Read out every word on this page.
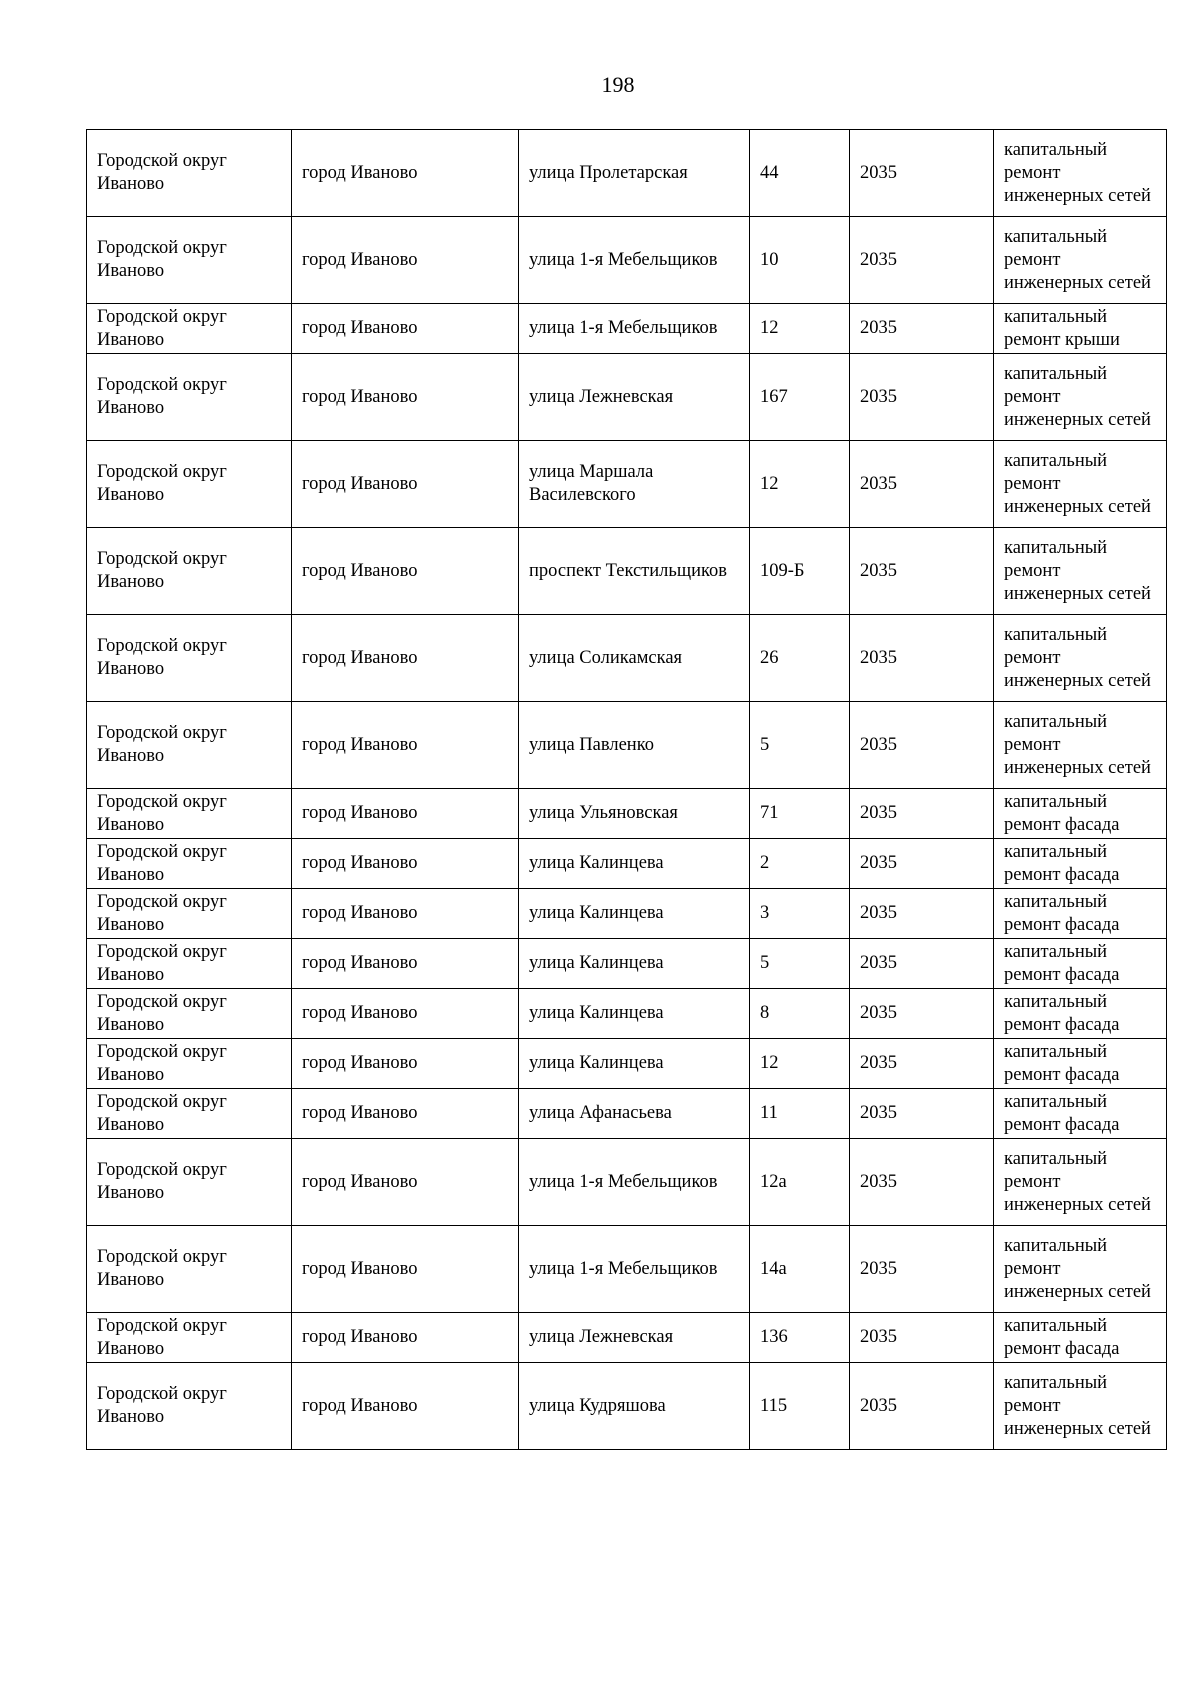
198
Городской округ Иваново	город Иваново	улица Пролетарская	44	2035	капитальный ремонт инженерных сетей
Городской округ Иваново	город Иваново	улица 1-я Мебельщиков	10	2035	капитальный ремонт инженерных сетей
Городской округ Иваново	город Иваново	улица 1-я Мебельщиков	12	2035	капитальный ремонт крыши
Городской округ Иваново	город Иваново	улица Лежневская	167	2035	капитальный ремонт инженерных сетей
Городской округ Иваново	город Иваново	улица Маршала Василевского	12	2035	капитальный ремонт инженерных сетей
Городской округ Иваново	город Иваново	проспект Текстильщиков	109-Б	2035	капитальный ремонт инженерных сетей
Городской округ Иваново	город Иваново	улица Соликамская	26	2035	капитальный ремонт инженерных сетей
Городской округ Иваново	город Иваново	улица Павленко	5	2035	капитальный ремонт инженерных сетей
Городской округ Иваново	город Иваново	улица Ульяновская	71	2035	капитальный ремонт фасада
Городской округ Иваново	город Иваново	улица Калинцева	2	2035	капитальный ремонт фасада
Городской округ Иваново	город Иваново	улица Калинцева	3	2035	капитальный ремонт фасада
Городской округ Иваново	город Иваново	улица Калинцева	5	2035	капитальный ремонт фасада
Городской округ Иваново	город Иваново	улица Калинцева	8	2035	капитальный ремонт фасада
Городской округ Иваново	город Иваново	улица Калинцева	12	2035	капитальный ремонт фасада
Городской округ Иваново	город Иваново	улица Афанасьева	11	2035	капитальный ремонт фасада
Городской округ Иваново	город Иваново	улица 1-я Мебельщиков	12а	2035	капитальный ремонт инженерных сетей
Городской округ Иваново	город Иваново	улица 1-я Мебельщиков	14а	2035	капитальный ремонт инженерных сетей
Городской округ Иваново	город Иваново	улица Лежневская	136	2035	капитальный ремонт фасада
Городской округ Иваново	город Иваново	улица Кудряшова	115	2035	капитальный ремонт инженерных сетей
